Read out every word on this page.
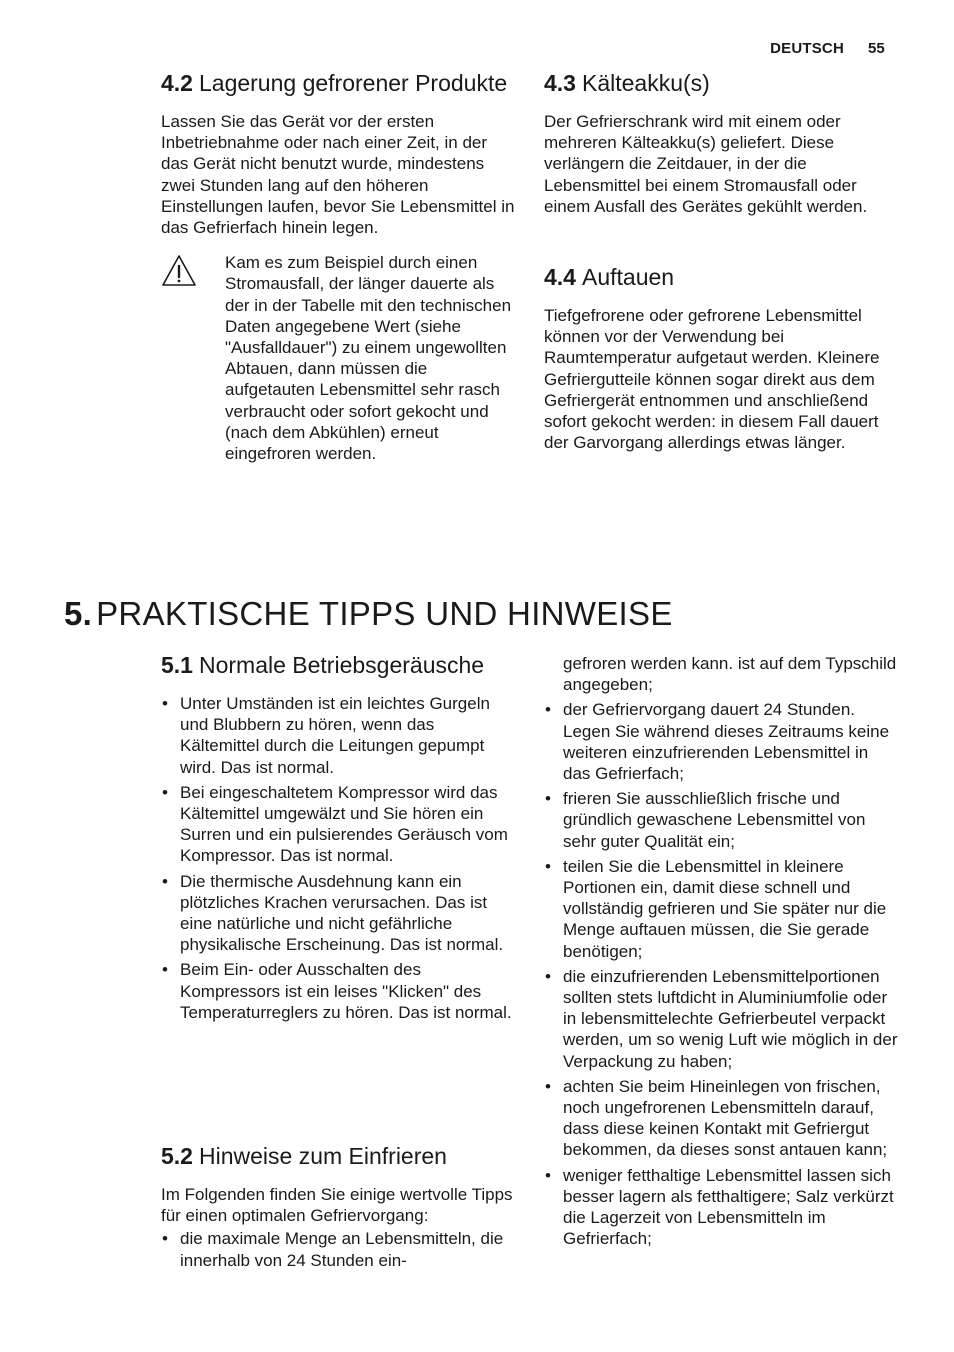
DEUTSCH 55
4.2 Lagerung gefrorener Produkte

Lassen Sie das Gerät vor der ersten Inbetriebnahme oder nach einer Zeit, in der das Gerät nicht benutzt wurde, mindestens zwei Stunden lang auf den höheren Einstellungen laufen, bevor Sie Lebensmittel in das Gefrierfach hinein legen.

Kam es zum Beispiel durch einen Stromausfall, der länger dauerte als der in der Tabelle mit den technischen Daten angegebene Wert (siehe "Ausfalldauer") zu einem ungewollten Abtauen, dann müssen die aufgetauten Lebensmittel sehr rasch verbraucht oder sofort gekocht und (nach dem Abkühlen) erneut eingefroren werden.

4.3 Kälteakku(s)

Der Gefrierschrank wird mit einem oder mehreren Kälteakku(s) geliefert. Diese verlängern die Zeitdauer, in der die Lebensmittel bei einem Stromausfall oder einem Ausfall des Gerätes gekühlt werden.

4.4 Auftauen

Tiefgefrorene oder gefrorene Lebensmittel können vor der Verwendung bei Raumtemperatur aufgetaut werden. Kleinere Gefriergutteile können sogar direkt aus dem Gefriergerät entnommen und anschließend sofort gekocht werden: in diesem Fall dauert der Garvorgang allerdings etwas länger.

5. PRAKTISCHE TIPPS UND HINWEISE
5.1 Normale Betriebsgeräusche
• Unter Umständen ist ein leichtes Gurgeln und Blubbern zu hören, wenn das Kältemittel durch die Leitungen gepumpt wird. Das ist normal.
• Bei eingeschaltetem Kompressor wird das Kältemittel umgewälzt und Sie hören ein Surren und ein pulsierendes Geräusch vom Kompressor. Das ist normal.
• Die thermische Ausdehnung kann ein plötzliches Krachen verursachen. Das ist eine natürliche und nicht gefährliche physikalische Erscheinung. Das ist normal.
• Beim Ein- oder Ausschalten des Kompressors ist ein leises "Klicken" des Temperaturreglers zu hören. Das ist normal.
5.2 Hinweise zum Einfrieren

Im Folgenden finden Sie einige wertvolle Tipps für einen optimalen Gefriervorgang:

• die maximale Menge an Lebensmitteln, die innerhalb von 24 Stunden ein-
gefroren werden kann. ist auf dem Typschild angegeben;
• der Gefriervorgang dauert 24 Stunden. Legen Sie während dieses Zeitraums keine weiteren einzufrierenden Lebensmittel in das Gefrierfach;
• frieren Sie ausschließlich frische und gründlich gewaschene Lebensmittel von sehr guter Qualität ein;
• teilen Sie die Lebensmittel in kleinere Portionen ein, damit diese schnell und vollständig gefrieren und Sie später nur die Menge auftauen müssen, die Sie gerade benötigen;
• die einzufrierenden Lebensmittelportionen sollten stets luftdicht in Aluminiumfolie oder in lebensmittelechte Gefrierbeutel verpackt werden, um so wenig Luft wie möglich in der Verpackung zu haben;
• achten Sie beim Hineinlegen von frischen, noch ungefrorenen Lebensmitteln darauf, dass diese keinen Kontakt mit Gefriergut bekommen, da dieses sonst antauen kann;
• weniger fetthaltige Lebensmittel lassen sich besser lagern als fetthaltigere; Salz verkürzt die Lagerzeit von Lebensmitteln im Gefrierfach;
